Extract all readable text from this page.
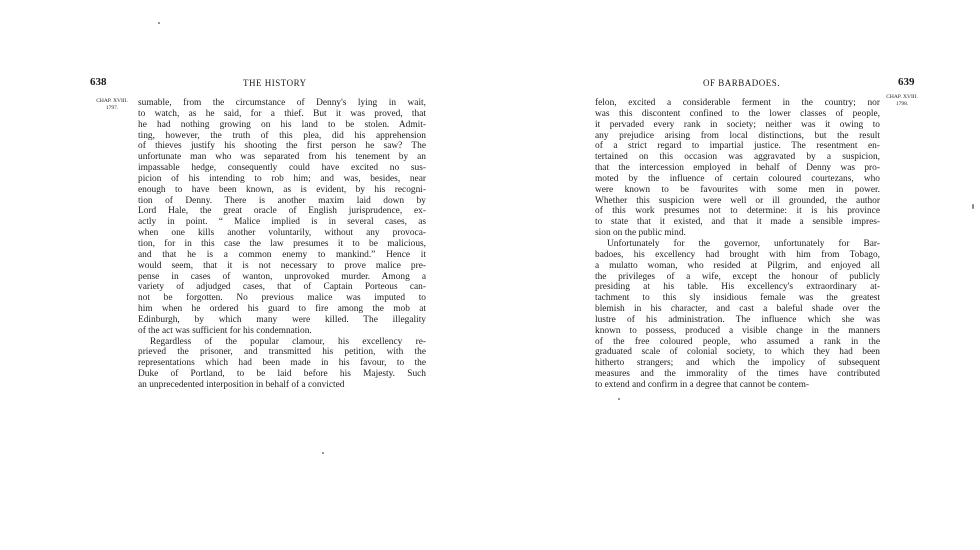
638	THE HISTORY
CHAP. XVIII.
1797.	sumable, from the circumstance of Denny's lying in wait,
to watch, as he said, for a thief. But it was proved, that
he had nothing growing on his land to be stolen. Admit-
ting, however, the truth of this plea, did his apprehension
of thieves justify his shooting the first person he saw? The
unfortunate man who was separated from his tenement by an
impassable hedge, consequently could have excited no sus-
picion of his intending to rob him; and was, besides, near
enough to have been known, as is evident, by his recogni-
tion of Denny. There is another maxim laid down by
Lord Hale, the great oracle of English jurisprudence, ex-
actly in point. “ Malice implied is in several cases, as
when one kills another voluntarily, without any provoca-
tion, for in this case the law presumes it to be malicious,
and that he is a common enemy to mankind.” Hence it
would seem, that it is not necessary to prove malice pre-
pense in cases of wanton, unprovoked murder. Among a
variety of adjudged cases, that of Captain Porteous can-
not be forgotten. No previous malice was imputed to
him when he ordered his guard to fire among the mob at
Edinburgh, by which many were killed. The illegality
of the act was sufficient for his condemnation.
Regardless of the popular clamour, his excellency re-
prieved the prisoner, and transmitted his petition, with the
representations which had been made in his favour, to the
Duke of Portland, to be laid before his Majesty. Such
an unprecedented interposition in behalf of a convicted
639
OF BARBADOES.
CHAP. XVIII.
1798.
felon, excited a considerable ferment in the country; nor
was this discontent confined to the lower classes of people,
it pervaded every rank in society; neither was it owing to
any prejudice arising from local distinctions, but the result
of a strict regard to impartial justice. The resentment en-
tertained on this occasion was aggravated by a suspicion,
that the intercession employed in behalf of Denny was pro-
moted by the influence of certain coloured courtezans, who
were known to be favourites with some men in power.
Whether this suspicion were well or ill grounded, the author
of this work presumes not to determine: it is his province
to state that it existed, and that it made a sensible impres-
sion on the public mind.
Unfortunately for the governor, unfortunately for Bar-
badoes, his excellency had brought with him from Tobago,
a mulatto woman, who resided at Pilgrim, and enjoyed all
the privileges of a wife, except the honour of publicly
presiding at his table. His excellency's extraordinary at-
tachment to this sly insidious female was the greatest
blemish in his character, and cast a baleful shade over the
lustre of his administration. The influence which she was
known to possess, produced a visible change in the manners
of the free coloured people, who assumed a rank in the
graduated scale of colonial society, to which they had been
hitherto strangers; and which the impolicy of subsequent
measures and the immorality of the times have contributed
to extend and confirm in a degree that cannot be contem-
